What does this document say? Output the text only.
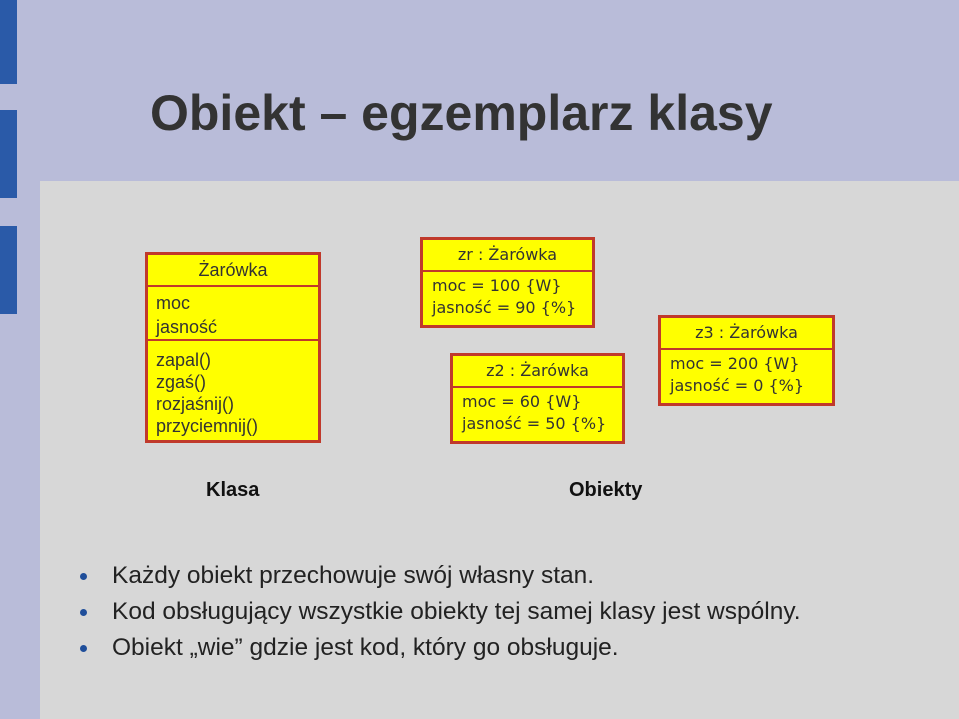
Obiekt – egzemplarz klasy
Żarówka
moc
jasność
zapal()
zgaś()
rozjaśnij()
przyciemnij()
zr : Żarówka
moc = 100 {W}
jasność = 90 {%}
z2 : Żarówka
moc = 60 {W}
jasność = 50 {%}
z3 : Żarówka
moc = 200 {W}
jasność = 0 {%}
Klasa	Obiekty
Każdy obiekt przechowuje swój własny stan.
Kod obsługujący wszystkie obiekty tej samej klasy jest wspólny.
Obiekt „wie” gdzie jest kod, który go obsługuje.
